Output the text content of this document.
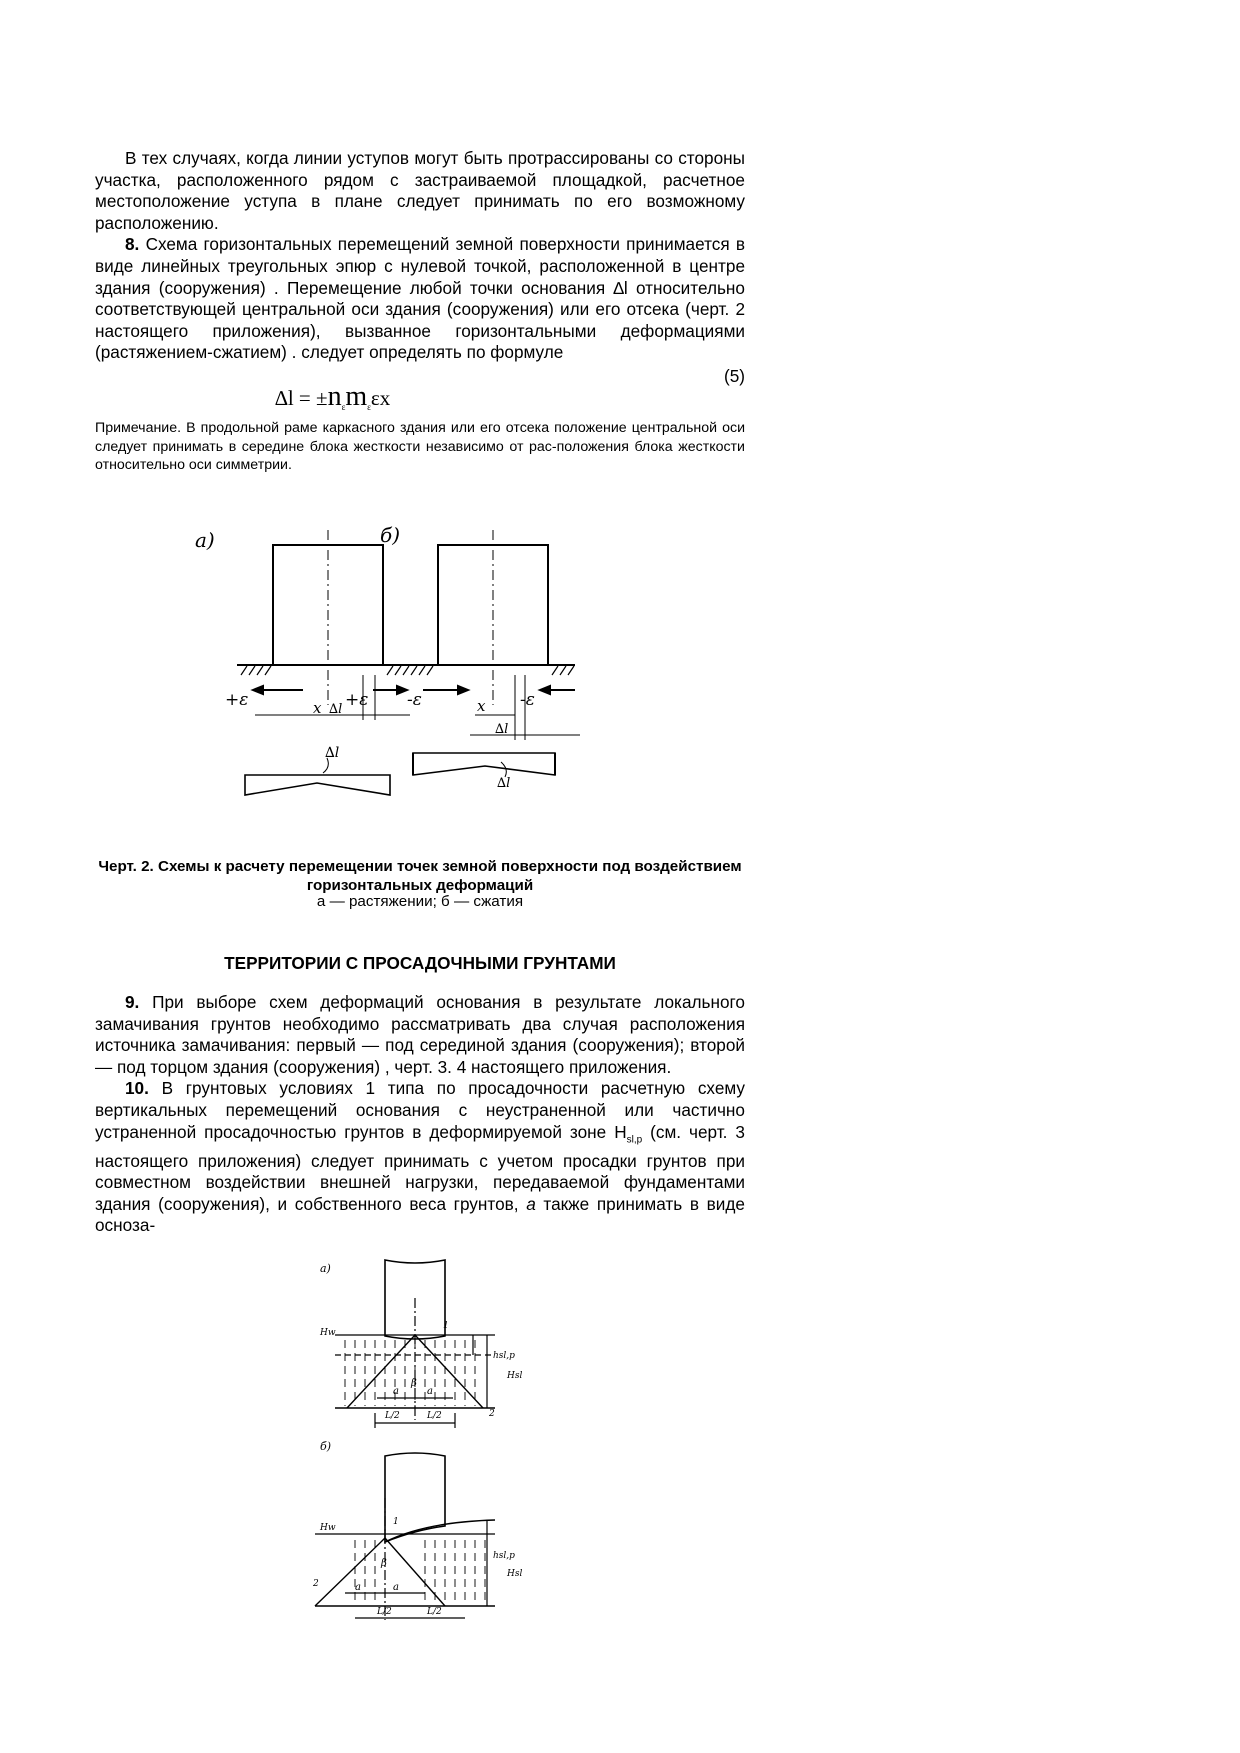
В тех случаях, когда линии уступов могут быть протрассированы со стороны участка, расположенного рядом с застраиваемой площадкой, расчетное местоположение уступа в плане следует принимать по его возможному расположению.

8. Схема горизонтальных перемещений земной поверхности принимается в виде линейных треугольных эпюр с нулевой точкой, расположенной в центре здания (сооружения) . Перемещение любой точки основания ∆l относительно соответствующей центральной оси здания (сооружения) или его отсека (черт. 2 настоящего приложения), вызванное горизонтальными деформациями (растяжением-сжатием) . следует определять по формуле

(5)
$\Delta l = \pm n_\varepsilon m_\varepsilon\varepsilon x$

Примечание. В продольной раме каркасного здания или его отсека положение центральной оси следует принимать в середине блока жесткости независимо от рас-положения блока жесткости относительно оси симметрии.

а)	б)
+ε	+ε -ε	-ε
x ∆l	x
∆l
∆l
∆l
Черт. 2. Схемы к расчету перемещении точек земной поверхности под воздействием горизонтальных деформаций
а — растяжении; б — сжатия
ТЕРРИТОРИИ С ПРОСАДОЧНЫМИ ГРУНТАМИ

9. При выборе схем деформаций основания в результате локального замачивания грунтов необходимо рассматривать два случая расположения источника замачивания: первый — под серединой здания (сооружения); второй — под торцом здания (сооружения) , черт. 3. 4 настоящего приложения.

10. В грунтовых условиях 1 типа по просадочности расчетную схему вертикальных перемещений основания с неустраненной или частично устраненной просадочностью грунтов в деформируемой зоне $H_{sl,p}$ (см. черт. 3 настоящего приложения) следует принимать с учетом просадки грунтов при совместном воздействии внешней нагрузки, передаваемой фундаментами здания (сооружения), и собственного веса грунтов, а также принимать в виде осноза-

а)
Hw
1
β
a	a
L/2	L/2	2
hsl,p
Hsl
б)
Hw
1
β
a	a
2
L/2	L/2
hsl,p
Hsl
